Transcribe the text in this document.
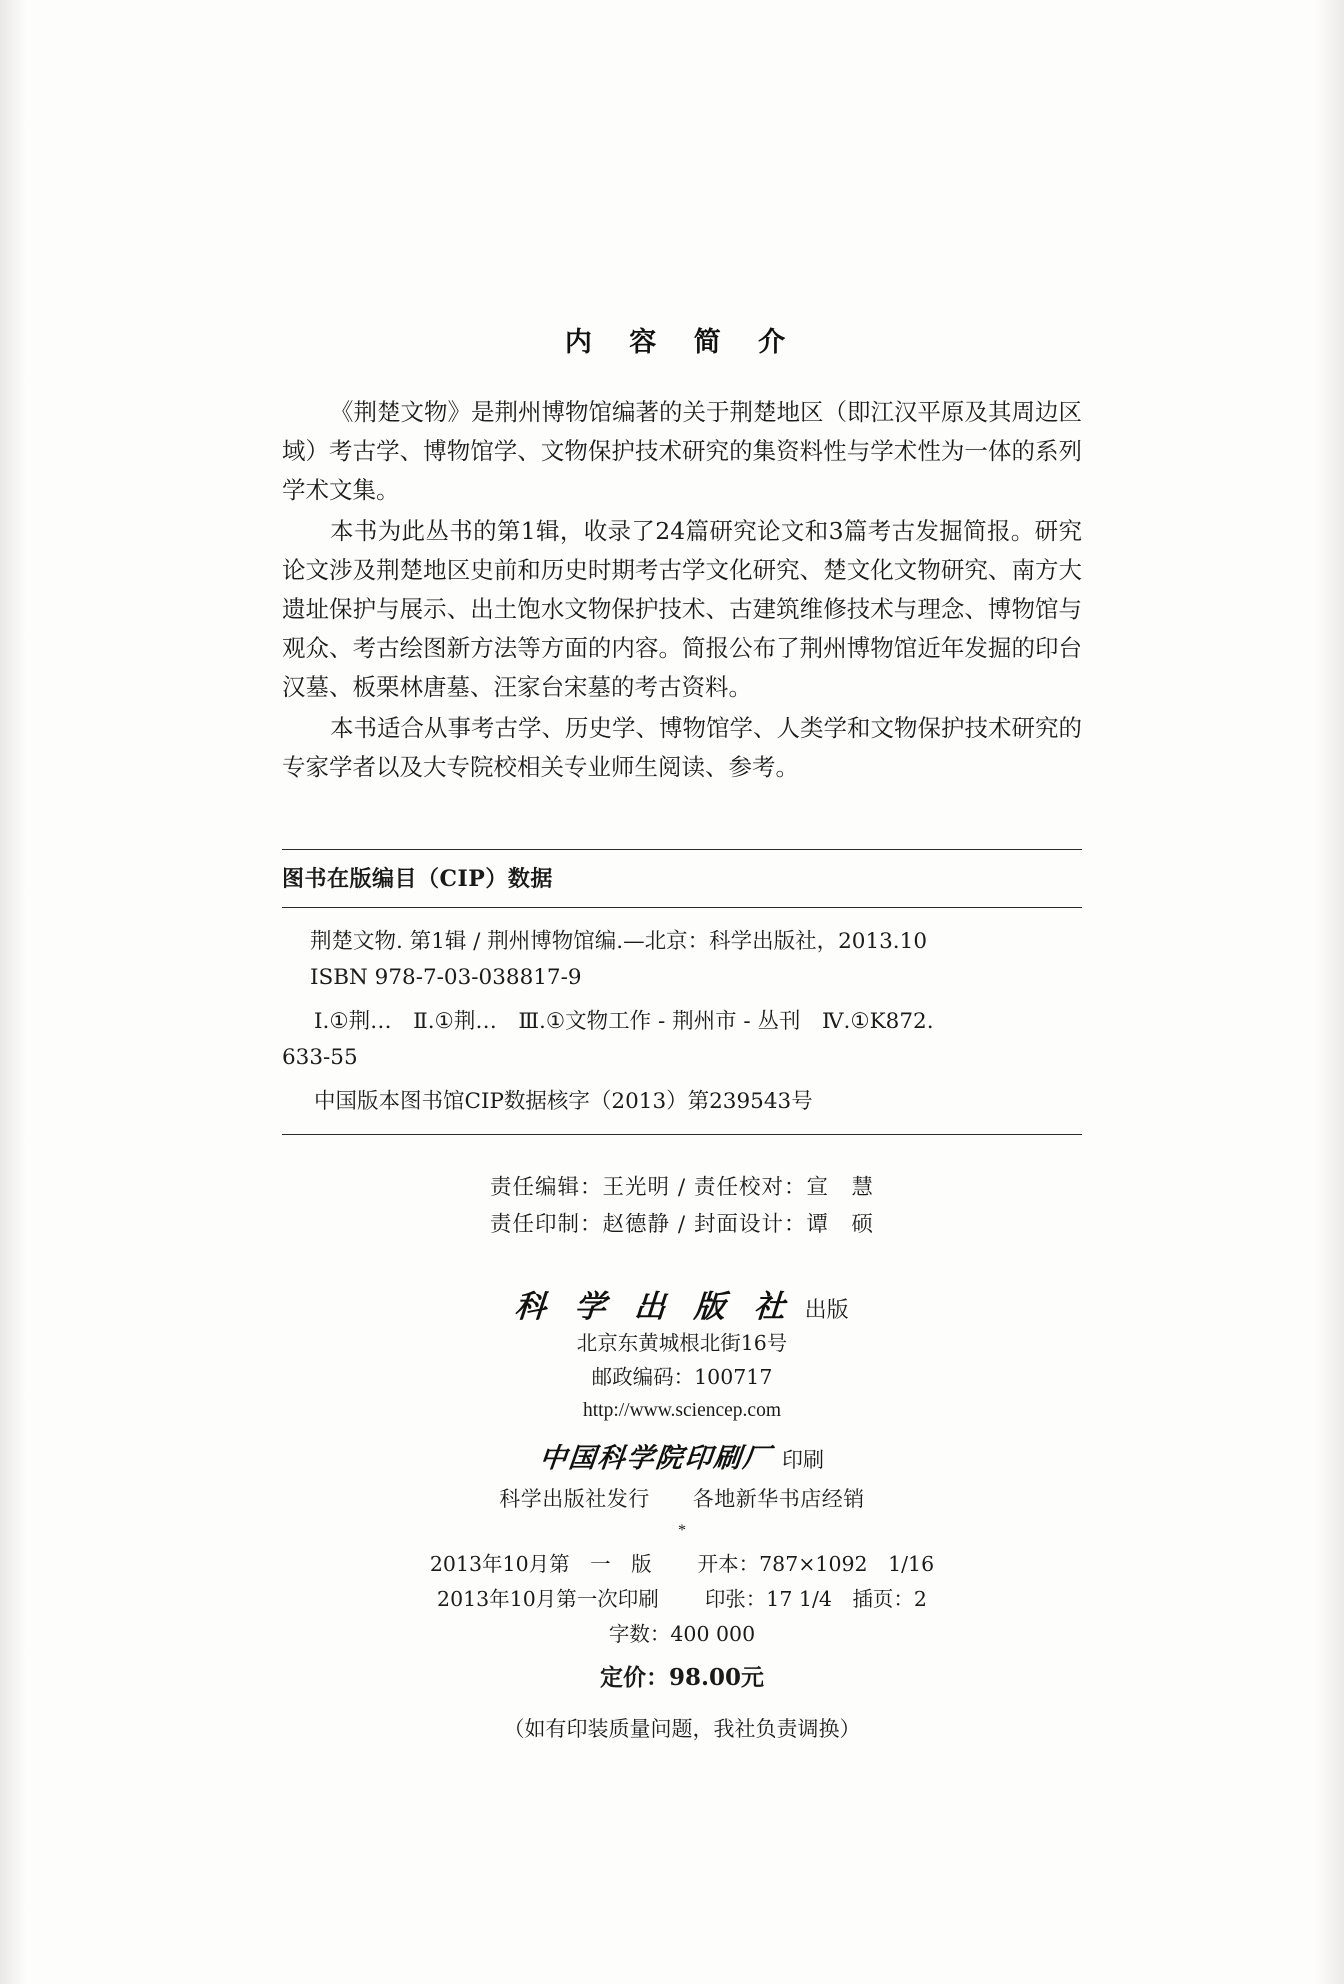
内 容 简 介

《荆楚文物》是荆州博物馆编著的关于荆楚地区（即江汉平原及其周边区域）考古学、博物馆学、文物保护技术研究的集资料性与学术性为一体的系列学术文集。

本书为此丛书的第1辑，收录了24篇研究论文和3篇考古发掘简报。研究论文涉及荆楚地区史前和历史时期考古学文化研究、楚文化文物研究、南方大遗址保护与展示、出土饱水文物保护技术、古建筑维修技术与理念、博物馆与观众、考古绘图新方法等方面的内容。简报公布了荆州博物馆近年发掘的印台汉墓、板栗林唐墓、汪家台宋墓的考古资料。

本书适合从事考古学、历史学、博物馆学、人类学和文物保护技术研究的专家学者以及大专院校相关专业师生阅读、参考。

图书在版编目（CIP）数据
荆楚文物. 第1辑 / 荆州博物馆编.—北京：科学出版社，2013.10
ISBN 978-7-03-038817-9
Ⅰ.①荆…　Ⅱ.①荆…　Ⅲ.①文物工作 - 荆州市 - 丛刊　Ⅳ.①K872.
633-55
中国版本图书馆CIP数据核字（2013）第239543号
责任编辑：王光明 / 责任校对：宣　慧
责任印制：赵德静 / 封面设计：谭　硕
科 学 出 版 社 出版
北京东黄城根北街16号
邮政编码：100717
http://www.sciencep.com
中国科学院印刷厂 印刷
科学出版社发行　　各地新华书店经销
*
2013年10月第　一　版 开本：787×1092　1/16
2013年10月第一次印刷 印张：17 1/4　插页：2
字数：400 000
定价：98.00元
（如有印装质量问题，我社负责调换）
